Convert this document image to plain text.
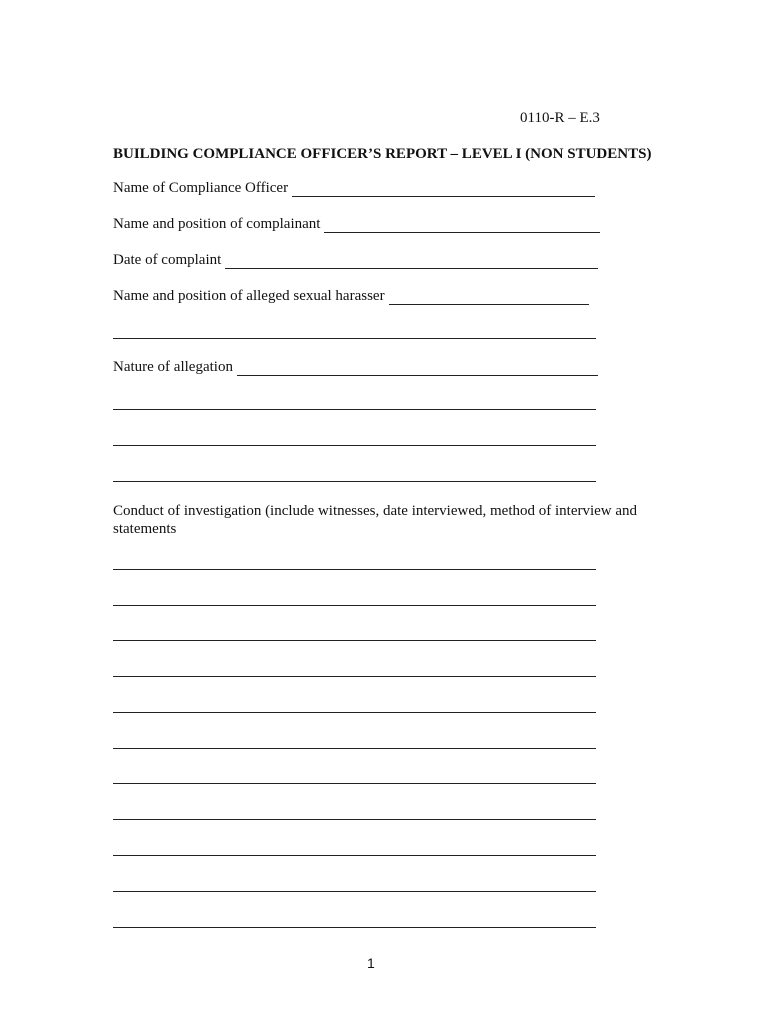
0110-R – E.3
BUILDING COMPLIANCE OFFICER’S REPORT – LEVEL I (NON STUDENTS)
Name of Compliance Officer
Name and position of complainant
Date of complaint
Name and position of alleged sexual harasser
Nature of allegation
Conduct of investigation (include witnesses, date interviewed, method of interview and statements
1
